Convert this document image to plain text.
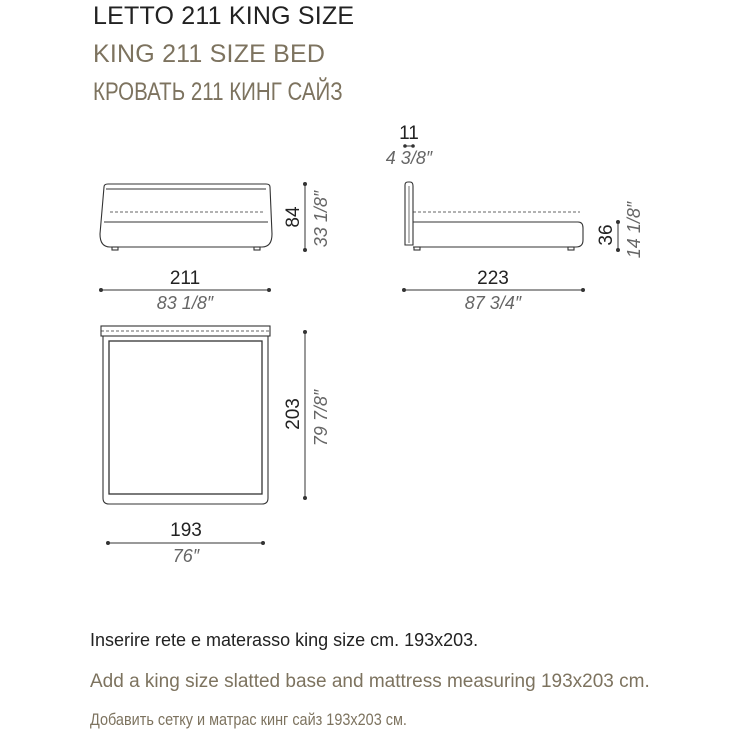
LETTO 211 KING SIZE
KING 211 SIZE BED
КРОВАТЬ 211 КИНГ САЙЗ
211
83 1/8″
84 33 1/8″
11
4 3/8″
223
87 3/4″
36 14 1/8″
193
76″
203 79 7/8″
Inserire rete e materasso king size cm. 193x203.
Add a king size slatted base and mattress measuring 193x203 cm.
Добавить сетку и матрас кинг сайз 193x203 см.
